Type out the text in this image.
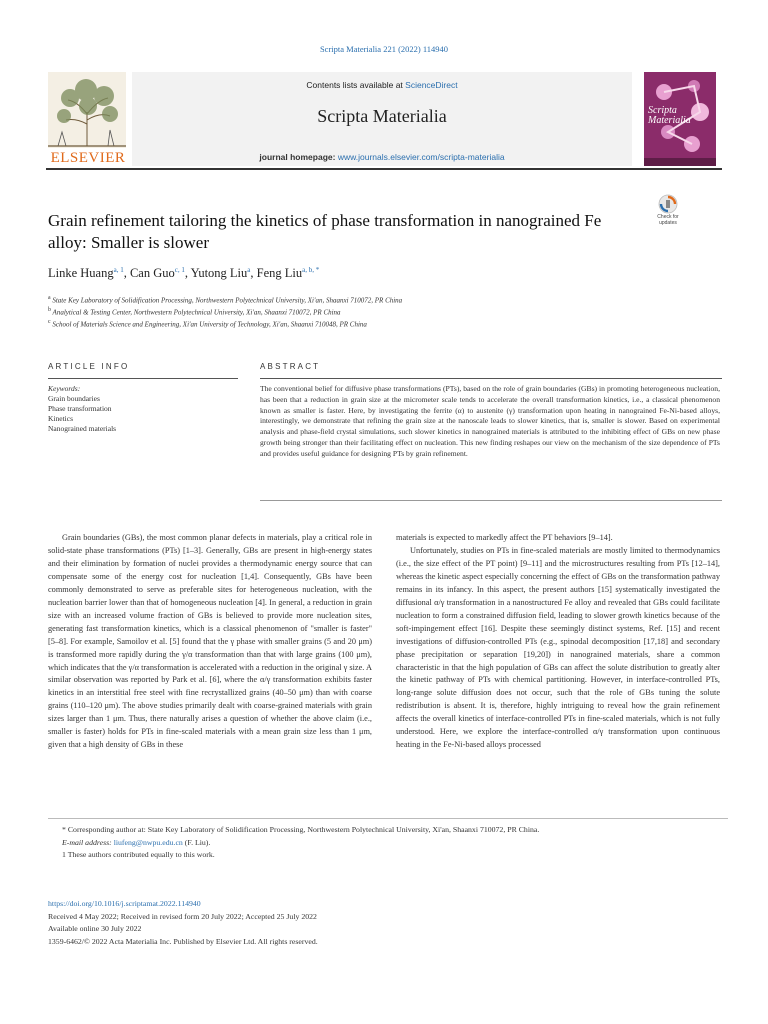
Scripta Materialia 221 (2022) 114940
ELSEVIER
Contents lists available at ScienceDirect
Scripta Materialia
journal homepage: www.journals.elsevier.com/scripta-materialia
Scripta Materialia
Grain refinement tailoring the kinetics of phase transformation in nanograined Fe alloy: Smaller is slower
Check for updates
Linke Huang$^{a, 1}$, Can Guo$^{c, 1}$, Yutong Liu$^a$, Feng Liu$^{a, b, *}$
$^a$ State Key Laboratory of Solidification Processing, Northwestern Polytechnical University, Xi'an, Shaanxi 710072, PR China
$^b$ Analytical & Testing Center, Northwestern Polytechnical University, Xi'an, Shaanxi 710072, PR China
$^c$ School of Materials Science and Engineering, Xi'an University of Technology, Xi'an, Shaanxi 710048, PR China
ARTICLE INFO	ABSTRACT
Keywords:
Grain boundaries
Phase transformation
Kinetics
Nanograined materials
The conventional belief for diffusive phase transformations (PTs), based on the role of grain boundaries (GBs) in promoting heterogeneous nucleation, has been that a reduction in grain size at the micrometer scale tends to accelerate the overall transformation kinetics, i.e., a classical phenomenon known as smaller is faster. Here, by investigating the ferrite (α) to austenite (γ) transformation upon heating in nanograined Fe-Ni-based alloys, interestingly, we demonstrate that refining the grain size at the nanoscale leads to slower kinetics, that is, smaller is slower. Based on experimental analysis and phase-field crystal simulations, such slower kinetics in nanograined materials is attributed to the inhibiting effect of GBs on new phase growth being stronger than their facilitating effect on nucleation. This new finding reshapes our view on the mechanism of the size dependence of PTs and provides useful guidance for designing PTs by grain refinement.
Grain boundaries (GBs), the most common planar defects in materials, play a critical role in solid-state phase transformations (PTs) [1–3]. Generally, GBs are present in high-energy states and their elimination by formation of nuclei provides a thermodynamic energy source that can compensate some of the energy cost for nucleation [1,4]. Consequently, GBs have been commonly demonstrated to serve as preferable sites for heterogeneous nucleation, with the nucleation barrier lower than that of homogeneous nucleation [4]. In general, a reduction in grain size with an increased volume fraction of GBs is believed to provide more nucleation sites, generating fast transformation kinetics, which is a classical phenomenon of "smaller is faster" [5–8]. For example, Samoilov et al. [5] found that the γ phase with smaller grains (5 and 20 μm) is transformed more rapidly during the γ/α transformation than that with large grains (100 μm), which indicates that the γ/α transformation is accelerated with a reduction in the original γ size. A similar observation was reported by Park et al. [6], where the α/γ transformation exhibits faster kinetics in an interstitial free steel with fine recrystallized grains (40–50 μm) than with coarse grains (110–120 μm). The above studies primarily dealt with coarse-grained materials with grain sizes larger than 1 μm. Thus, there naturally arises a question of whether the above claim (i.e., smaller is faster) holds for PTs in fine-scaled materials with a mean grain size less than 1 μm, given that a high density of GBs in these
materials is expected to markedly affect the PT behaviors [9–14].
Unfortunately, studies on PTs in fine-scaled materials are mostly limited to thermodynamics (i.e., the size effect of the PT point) [9–11] and the microstructures resulting from PTs [12–14], whereas the kinetic aspect especially concerning the effect of GBs on the transformation pathway remains in its infancy. In this aspect, the present authors [15] systematically investigated the diffusional α/γ transformation in a nanostructured Fe alloy and revealed that GBs could facilitate nucleation to form a constrained diffusion field, leading to slower growth kinetics because of the soft-impingement effect [16]. Despite these seemingly distinct systems, Ref. [15] and recent investigations of diffusion-controlled PTs (e.g., spinodal decomposition [17,18] and secondary phase precipitation or separation [19,20]) in nanograined materials, share a common characteristic in that the high population of GBs can affect the solute distribution to greatly alter the kinetic pathway of PTs with chemical partitioning. However, in interface-controlled PTs, long-range solute diffusion does not occur, such that the role of GBs tuning the solute redistribution is absent. It is, therefore, highly intriguing to reveal how the grain refinement affects the overall kinetics of interface-controlled PTs in fine-scaled materials, which is not fully understood. Here, we explore the interface-controlled α/γ transformation upon continuous heating in the Fe-Ni-based alloys processed
* Corresponding author at: State Key Laboratory of Solidification Processing, Northwestern Polytechnical University, Xi'an, Shaanxi 710072, PR China.
E-mail address: liufeng@nwpu.edu.cn (F. Liu).
1 These authors contributed equally to this work.
https://doi.org/10.1016/j.scriptamat.2022.114940
Received 4 May 2022; Received in revised form 20 July 2022; Accepted 25 July 2022
Available online 30 July 2022
1359-6462/© 2022 Acta Materialia Inc. Published by Elsevier Ltd. All rights reserved.
